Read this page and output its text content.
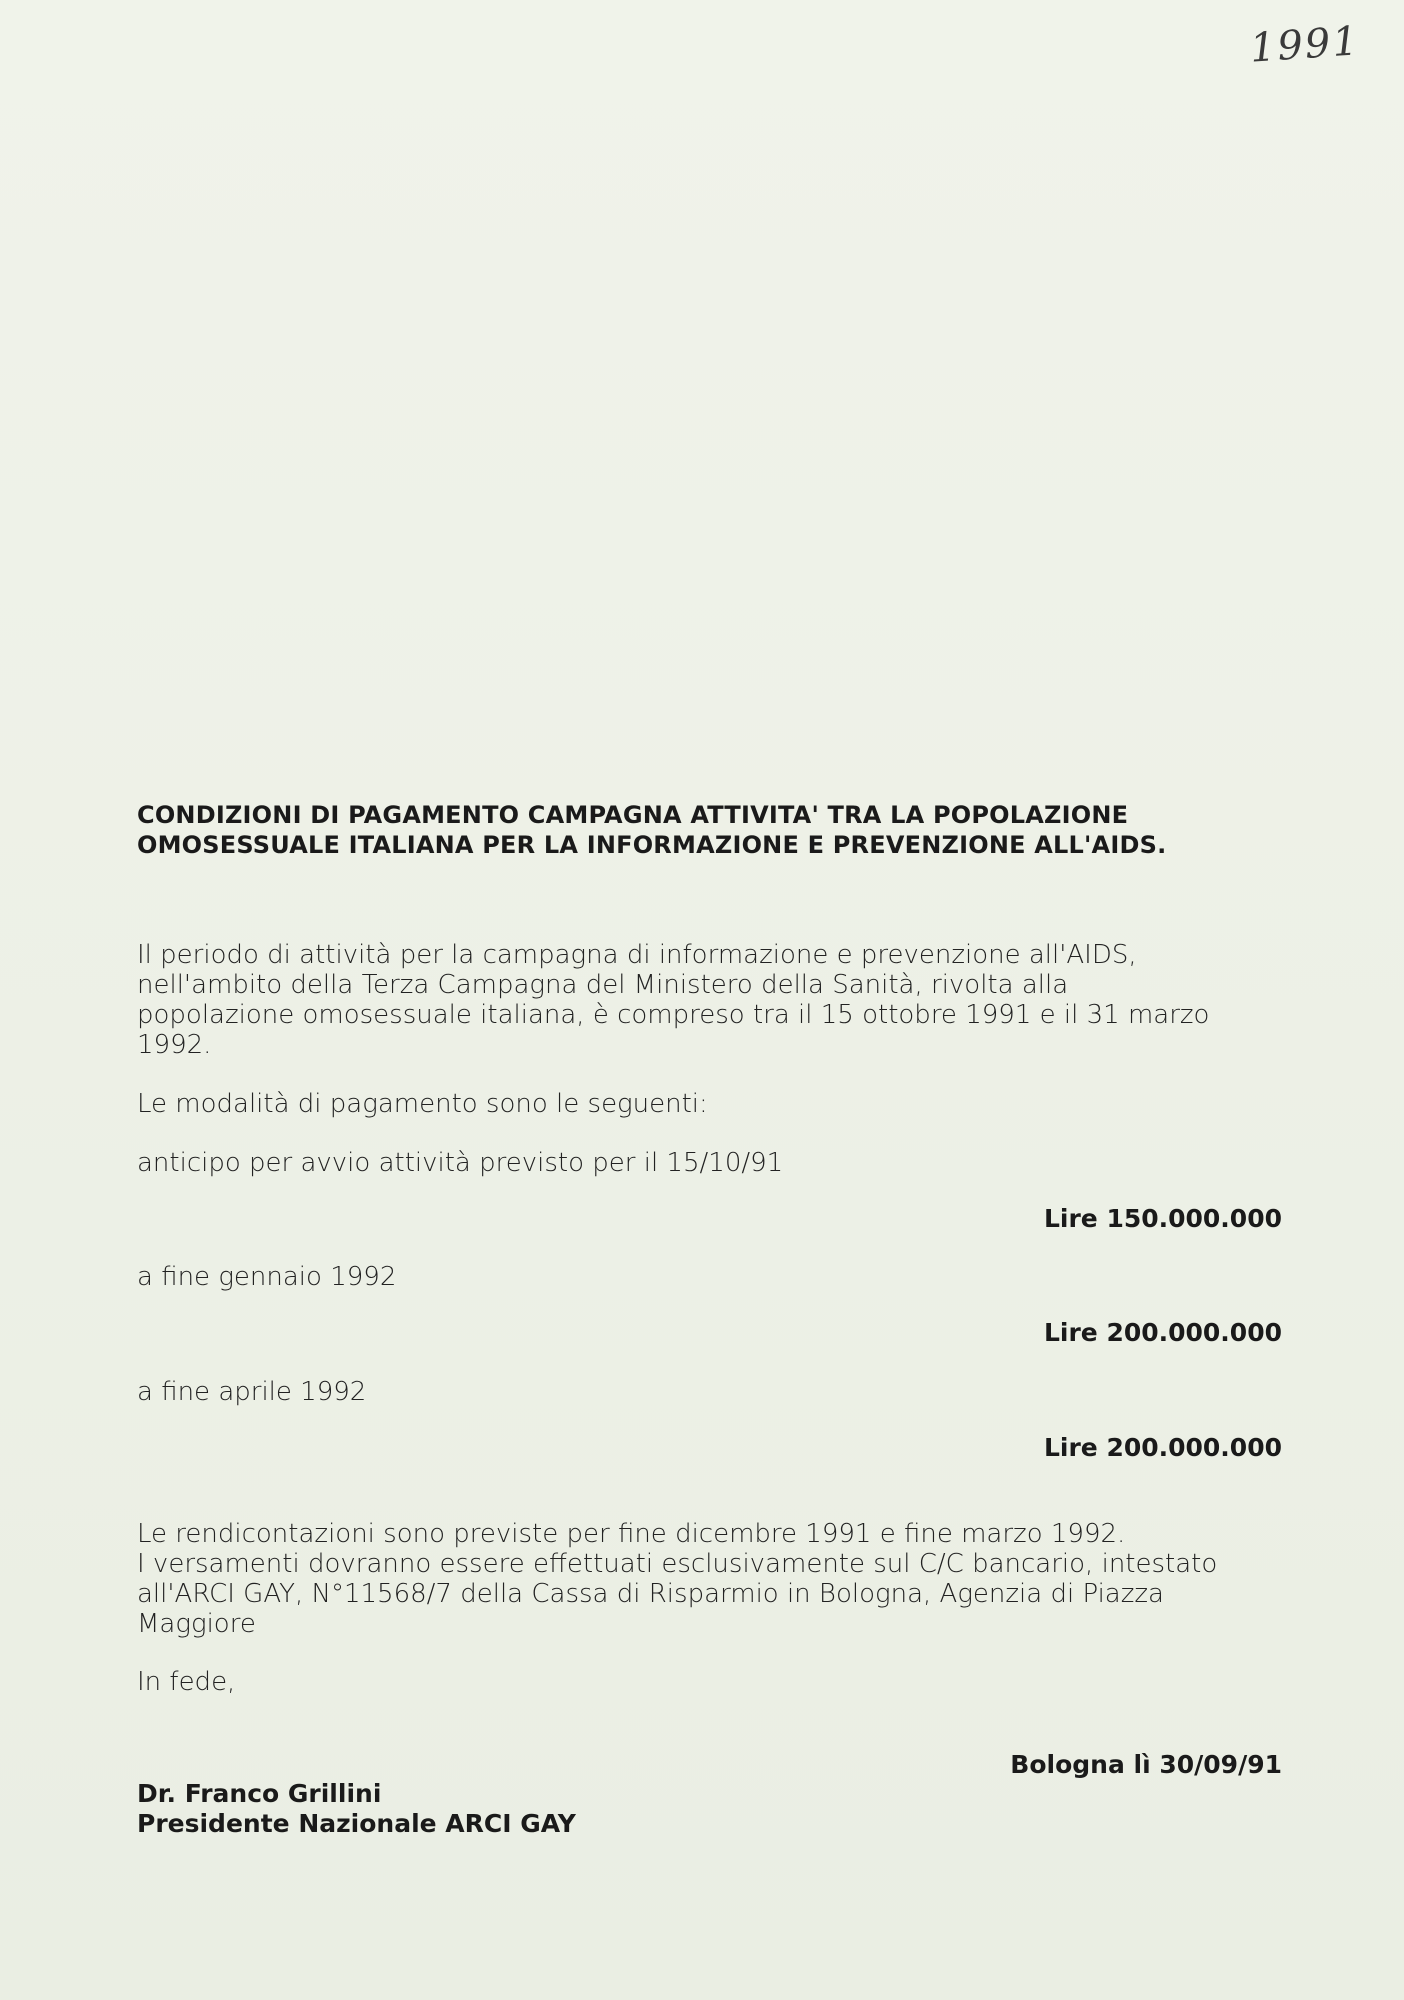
1991
CONDIZIONI DI PAGAMENTO CAMPAGNA ATTIVITA' TRA LA POPOLAZIONE
OMOSESSUALE ITALIANA PER LA INFORMAZIONE E PREVENZIONE ALL'AIDS.
Il periodo di attività per la campagna di informazione e prevenzione all'AIDS,
nell'ambito della Terza Campagna del Ministero della Sanità, rivolta alla
popolazione omosessuale italiana, è compreso tra il 15 ottobre 1991 e il 31 marzo
1992.
Le modalità di pagamento sono le seguenti:
anticipo per avvio attività previsto per il 15/10/91
Lire 150.000.000
a fine gennaio 1992
Lire 200.000.000
a fine aprile 1992
Lire 200.000.000
Le rendicontazioni sono previste per fine dicembre 1991 e fine marzo 1992.
I versamenti dovranno essere effettuati esclusivamente sul C/C bancario, intestato
all'ARCI GAY, N°11568/7 della Cassa di Risparmio in Bologna, Agenzia di Piazza
Maggiore
In fede,
Bologna lì 30/09/91
Dr. Franco Grillini
Presidente Nazionale ARCI GAY
